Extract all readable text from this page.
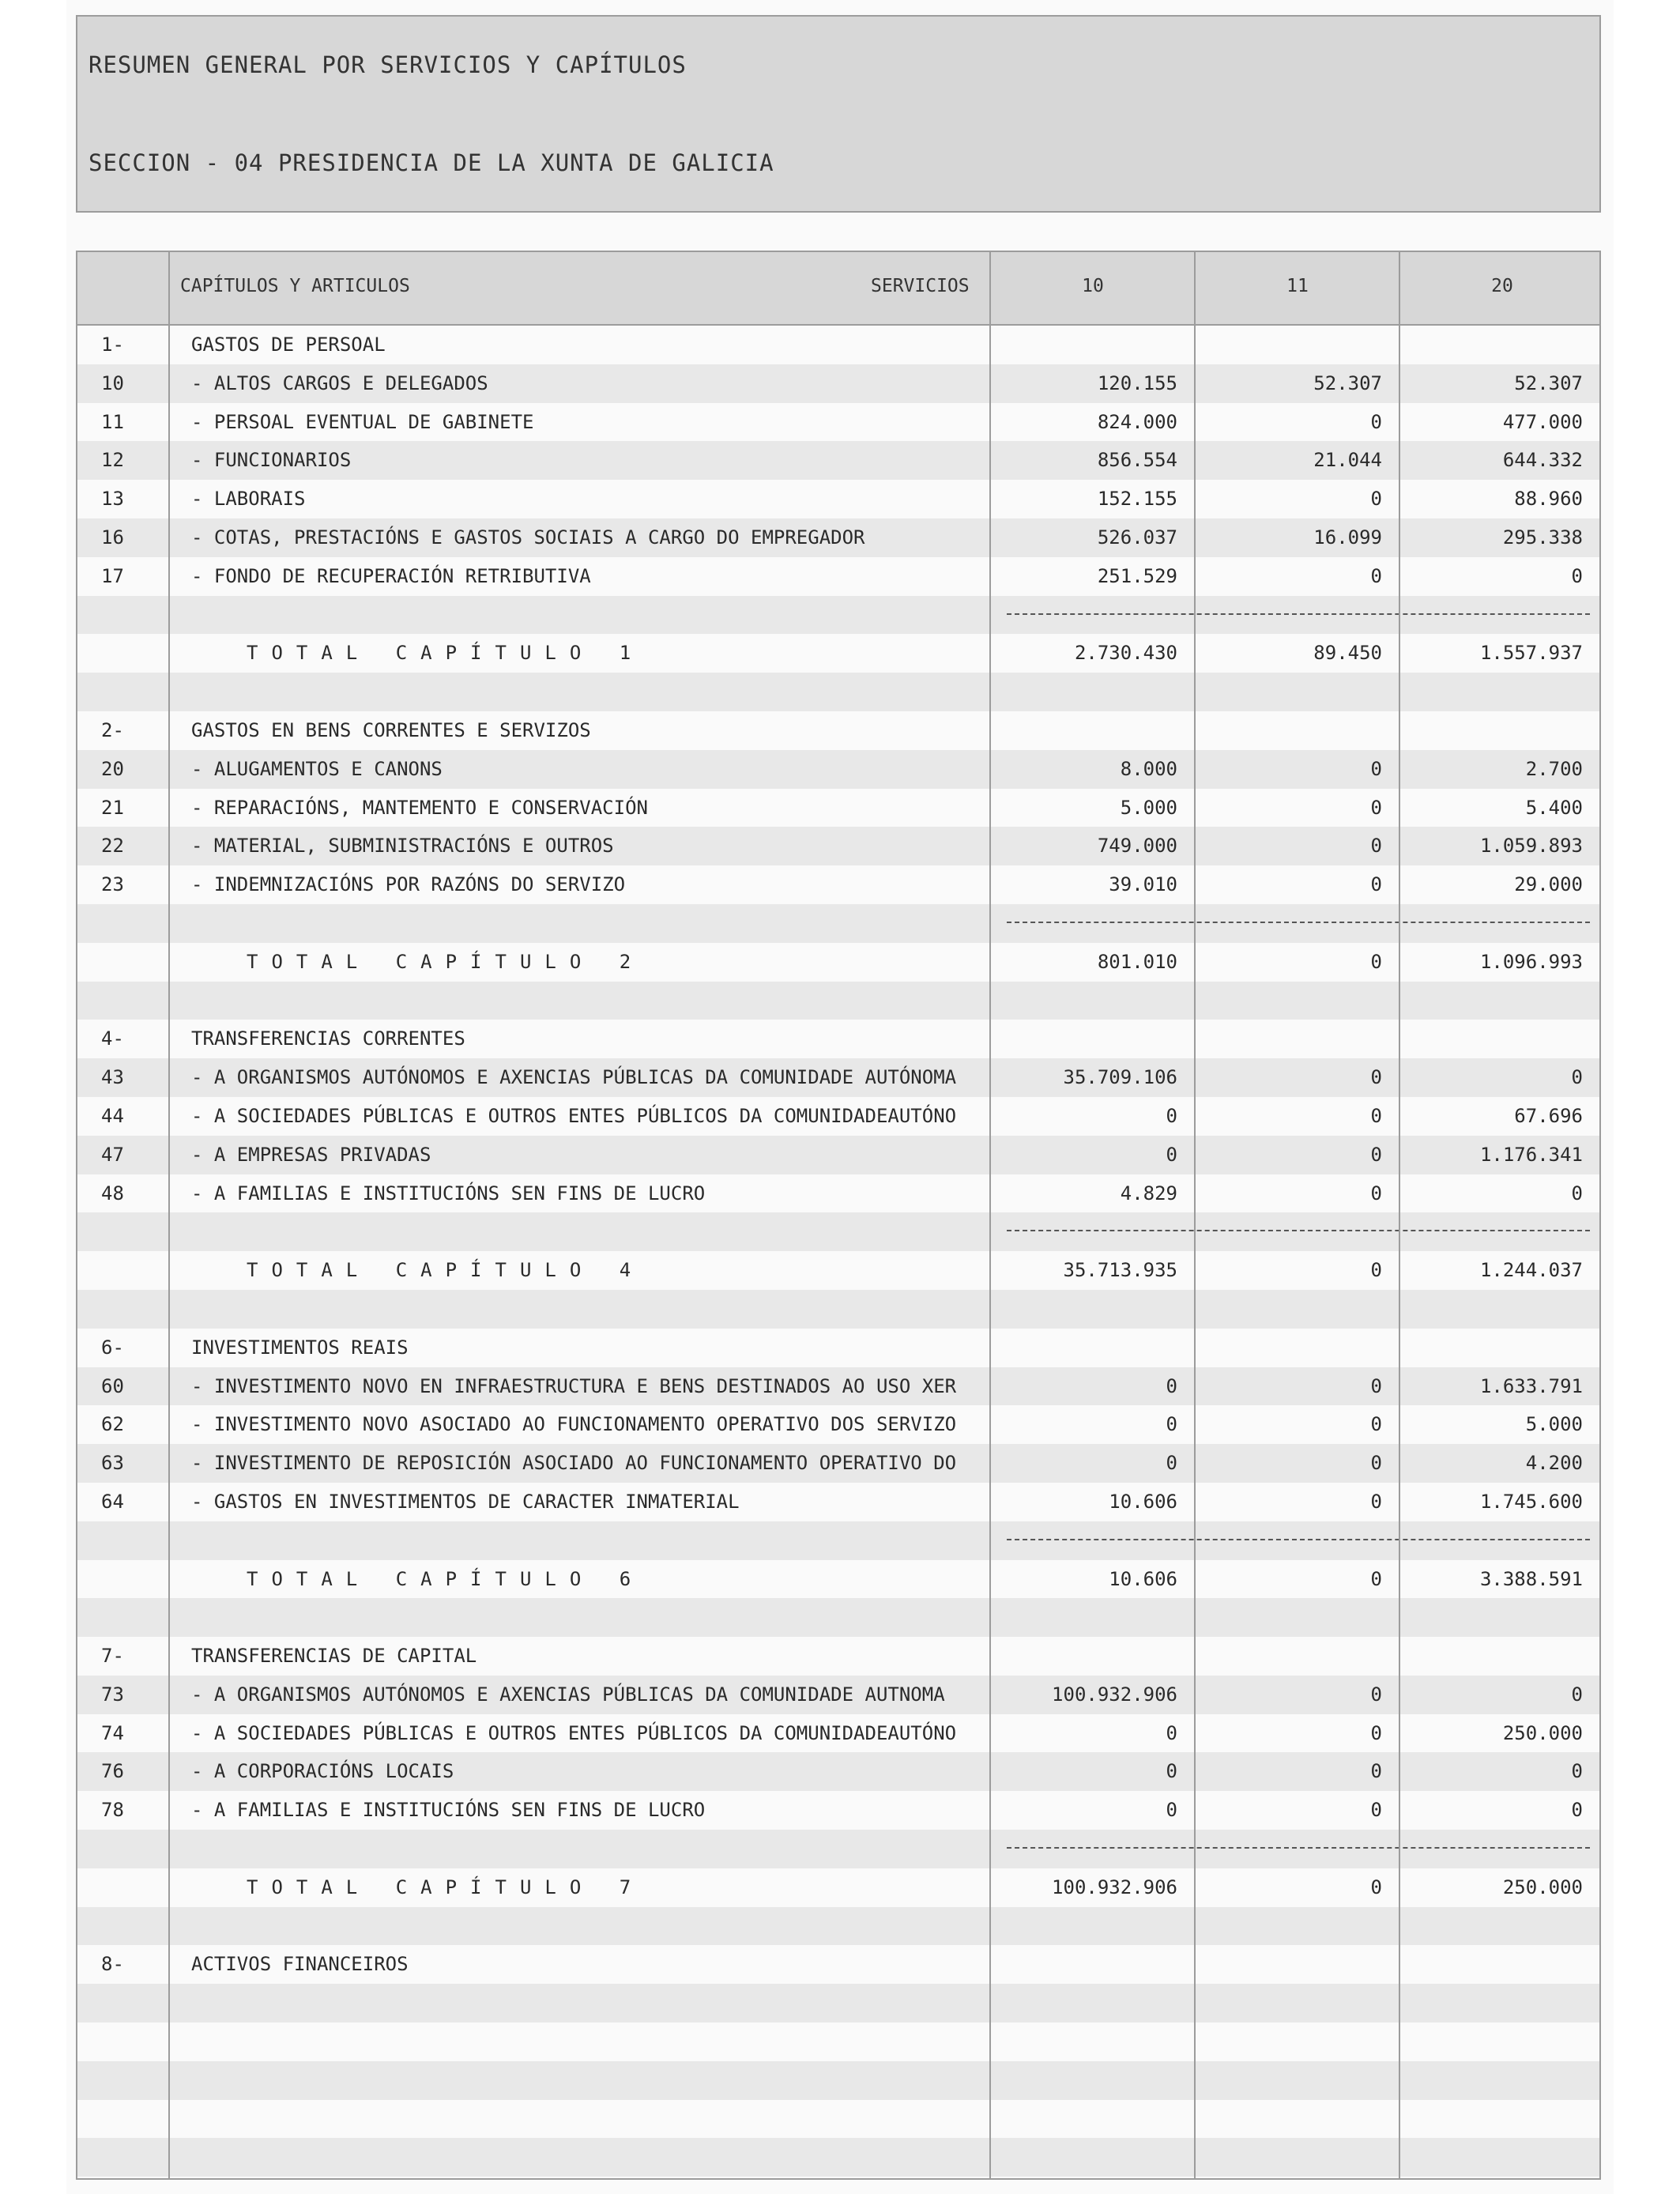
RESUMEN GENERAL POR SERVICIOS Y CAPÍTULOS
SECCION - 04 PRESIDENCIA DE LA XUNTA DE GALICIA
CAPÍTULOS Y ARTICULOS	SERVICIOS	10	11	20
1-	GASTOS DE PERSOAL
10	- ALTOS CARGOS E DELEGADOS	120.155	52.307	52.307
11	- PERSOAL EVENTUAL DE GABINETE	824.000	0	477.000
12	- FUNCIONARIOS	856.554	21.044	644.332
13	- LABORAIS	152.155	0	88.960
16	- COTAS, PRESTACIÓNS E GASTOS SOCIAIS A CARGO DO EMPREGADOR	526.037	16.099	295.338
17	- FONDO DE RECUPERACIÓN RETRIBUTIVA	251.529	0	0
TOTAL CAPÍTULO 1	2.730.430	89.450	1.557.937
2-	GASTOS EN BENS CORRENTES E SERVIZOS
20	- ALUGAMENTOS E CANONS	8.000	0	2.700
21	- REPARACIÓNS, MANTEMENTO E CONSERVACIÓN	5.000	0	5.400
22	- MATERIAL, SUBMINISTRACIÓNS E OUTROS	749.000	0	1.059.893
23	- INDEMNIZACIÓNS POR RAZÓNS DO SERVIZO	39.010	0	29.000
TOTAL CAPÍTULO 2	801.010	0	1.096.993
4-	TRANSFERENCIAS CORRENTES
43	- A ORGANISMOS AUTÓNOMOS E AXENCIAS PÚBLICAS DA COMUNIDADE AUTÓNOMA	35.709.106	0	0
44	- A SOCIEDADES PÚBLICAS E OUTROS ENTES PÚBLICOS DA COMUNIDADEAUTÓNO	0	0	67.696
47	- A EMPRESAS PRIVADAS	0	0	1.176.341
48	- A FAMILIAS E INSTITUCIÓNS SEN FINS DE LUCRO	4.829	0	0
TOTAL CAPÍTULO 4	35.713.935	0	1.244.037
6-	INVESTIMENTOS REAIS
60	- INVESTIMENTO NOVO EN INFRAESTRUCTURA E BENS DESTINADOS AO USO XER	0	0	1.633.791
62	- INVESTIMENTO NOVO ASOCIADO AO FUNCIONAMENTO OPERATIVO DOS SERVIZO	0	0	5.000
63	- INVESTIMENTO DE REPOSICIÓN ASOCIADO AO FUNCIONAMENTO OPERATIVO DO	0	0	4.200
64	- GASTOS EN INVESTIMENTOS DE CARACTER INMATERIAL	10.606	0	1.745.600
TOTAL CAPÍTULO 6	10.606	0	3.388.591
7-	TRANSFERENCIAS DE CAPITAL
73	- A ORGANISMOS AUTÓNOMOS E AXENCIAS PÚBLICAS DA COMUNIDADE AUTNOMA	100.932.906	0	0
74	- A SOCIEDADES PÚBLICAS E OUTROS ENTES PÚBLICOS DA COMUNIDADEAUTÓNO	0	0	250.000
76	- A CORPORACIÓNS LOCAIS	0	0	0
78	- A FAMILIAS E INSTITUCIÓNS SEN FINS DE LUCRO	0	0	0
TOTAL CAPÍTULO 7	100.932.906	0	250.000
8-	ACTIVOS FINANCEIROS
